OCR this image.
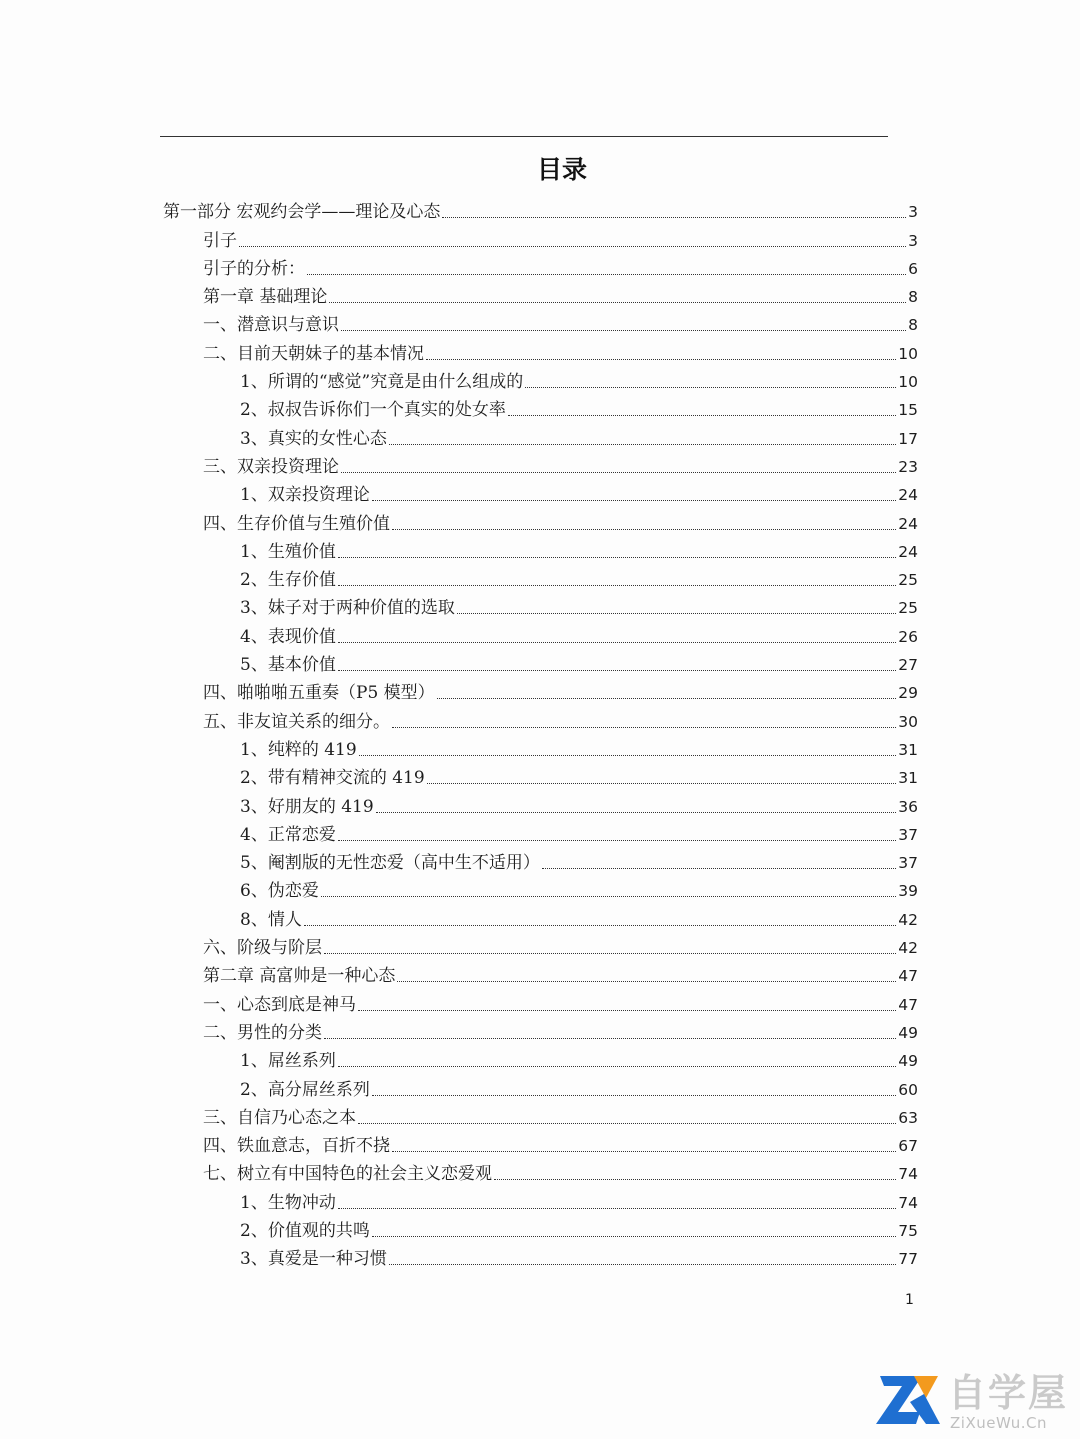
目录
第一部分 宏观约会学——理论及心态	3
引子	3
引子的分析：	6
第一章 基础理论	8
一、潜意识与意识	8
二、目前天朝妹子的基本情况	10
1、所谓的“感觉”究竟是由什么组成的	10
2、叔叔告诉你们一个真实的处女率	15
3、真实的女性心态	17
三、双亲投资理论	23
1、双亲投资理论	24
四、生存价值与生殖价值	24
1、生殖价值	24
2、生存价值	25
3、妹子对于两种价值的选取	25
4、表现价值	26
5、基本价值	27
四、啪啪啪五重奏（P5 模型）	29
五、非友谊关系的细分。	30
1、纯粹的 419	31
2、带有精神交流的 419	31
3、好朋友的 419	36
4、正常恋爱	37
5、阉割版的无性恋爱（高中生不适用）	37
6、伪恋爱	39
8、情人	42
六、阶级与阶层	42
第二章 高富帅是一种心态	47
一、心态到底是神马	47
二、男性的分类	49
1、屌丝系列	49
2、高分屌丝系列	60
三、自信乃心态之本	63
四、铁血意志，百折不挠	67
七、树立有中国特色的社会主义恋爱观	74
1、生物冲动	74
2、价值观的共鸣	75
3、真爱是一种习惯	77
1
自学屋
ZiXueWu.Cn
